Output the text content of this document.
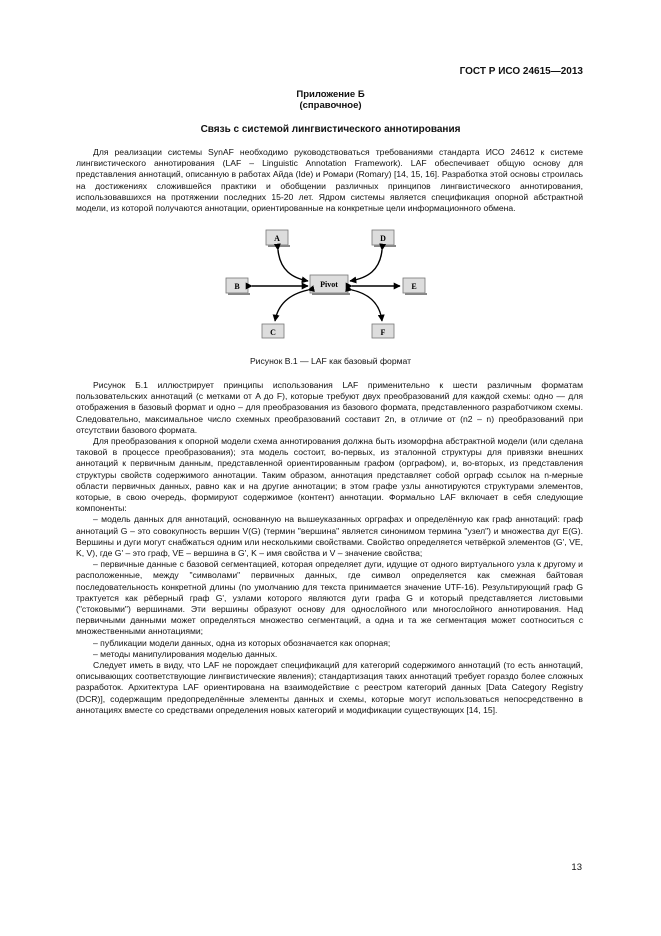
ГОСТ Р ИСО 24615—2013
Приложение Б
(справочное)
Связь с системой лингвистического аннотирования

Для реализации системы SynAF необходимо руководствоваться требованиями стандарта ИСО 24612 к системе лингвистического аннотирования (LAF – Linguistic Annotation Framework). LAF обеспечивает общую основу для представления аннотаций, описанную в работах Айда (Ide) и Ромари (Romary) [14, 15, 16]. Разработка этой основы строилась на достижениях сложившейся практики и обобщении различных принципов лингвистического аннотирования, использовавшихся на протяжении последних 15-20 лет. Ядром системы является спецификация опорной абстрактной модели, из которой получаются аннотации, ориентированные на конкретные цели информационного обмена.

A	D
B	E
C	F
Pivot
Рисунок В.1 — LAF как базовый формат

Рисунок Б.1 иллюстрирует принципы использования LAF применительно к шести различным форматам пользовательских аннотаций (с метками от A до F), которые требуют двух преобразований для каждой схемы: одно — для отображения в базовый формат и одно – для преобразования из базового формата, представленного разработчиком схемы. Следовательно, максимальное число схемных преобразований составит 2n, в отличие от (n2 – n) преобразований при отсутствии базового формата.

Для преобразования к опорной модели схема аннотирования должна быть изоморфна абстрактной модели (или сделана таковой в процессе преобразования); эта модель состоит, во-первых, из эталонной структуры для привязки внешних аннотаций к первичным данным, представленной ориентированным графом (орграфом), и, во-вторых, из представления структуры свойств содержимого аннотации. Таким образом, аннотация представляет собой орграф ссылок на n-мерные области первичных данных, равно как и на другие аннотации; в этом графе узлы аннотируются структурами элементов, которые, в свою очередь, формируют содержимое (контент) аннотации. Формально LAF включает в себя следующие компоненты:

– модель данных для аннотаций, основанную на вышеуказанных орграфах и определённую как граф аннотаций: граф аннотаций G – это совокупность вершин V(G) (термин "вершина" является синонимом термина "узел") и множества дуг E(G). Вершины и дуги могут снабжаться одним или несколькими свойствами. Свойство определяется четвёркой элементов (G', VE, K, V), где G' – это граф, VE – вершина в G', K – имя свойства и V – значение свойства;

– первичные данные с базовой сегментацией, которая определяет дуги, идущие от одного виртуального узла к другому и расположенные, между "символами" первичных данных, где символ определяется как смежная байтовая последовательность конкретной длины (по умолчанию для текста принимается значение UTF-16). Результирующий граф G трактуется как рёберный граф G', узлами которого являются дуги графа G и который представляется листовыми ("стоковыми") вершинами. Эти вершины образуют основу для однослойного или многослойного аннотирования. Над первичными данными может определяться множество сегментаций, а одна и та же сегментация может соотноситься с множественными аннотациями;

– публикации модели данных, одна из которых обозначается как опорная;

– методы манипулирования моделью данных.

Следует иметь в виду, что LAF не порождает спецификаций для категорий содержимого аннотаций (то есть аннотаций, описывающих соответствующие лингвистические явления); стандартизация таких аннотаций требует гораздо более сложных разработок. Архитектура LAF ориентирована на взаимодействие с реестром категорий данных [Data Category Registry (DCR)], содержащим предопределённые элементы данных и схемы, которые могут использоваться непосредственно в аннотациях вместе со средствами определения новых категорий и модификации существующих [14, 15].

13
